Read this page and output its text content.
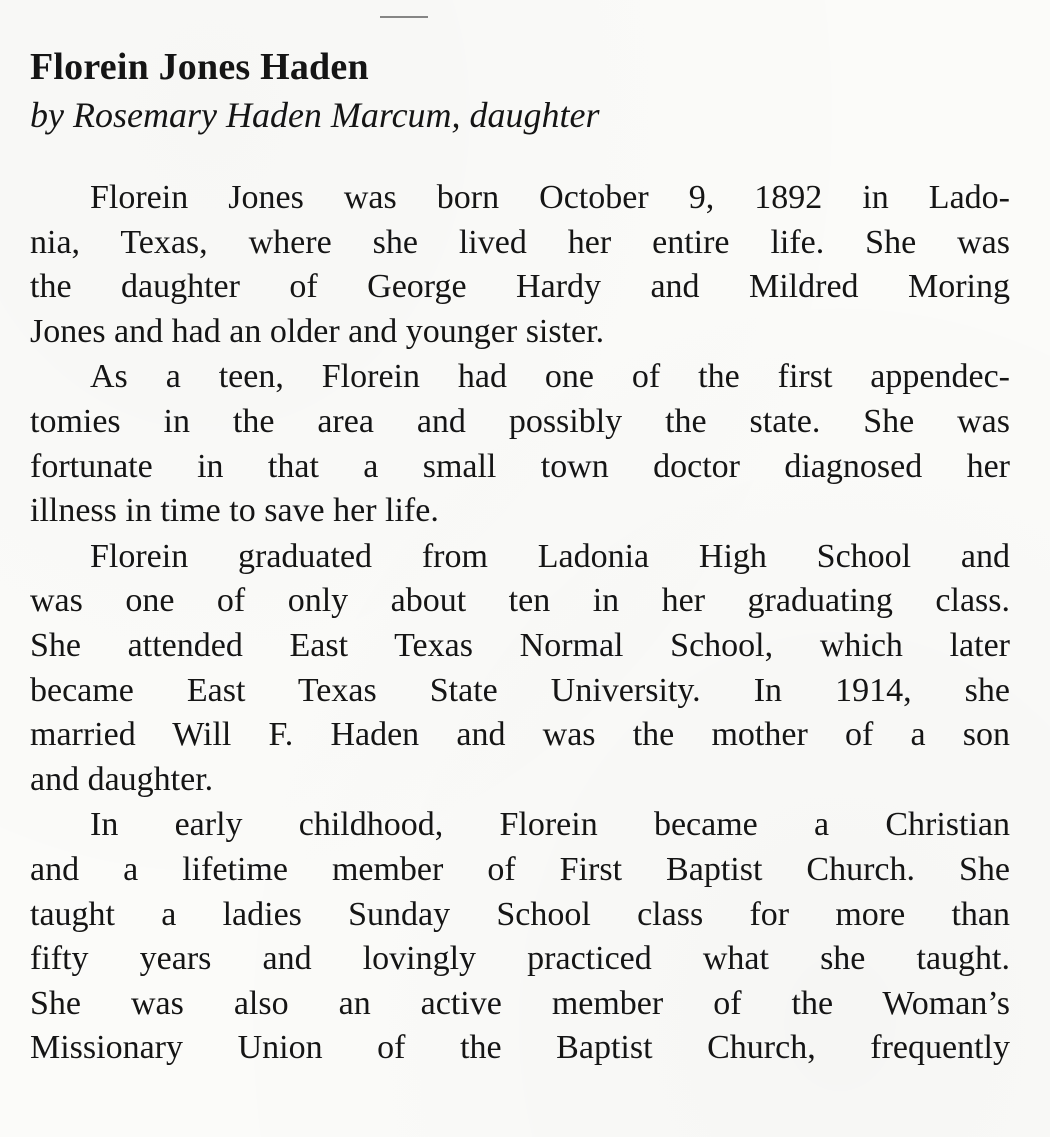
Florein Jones Haden
by Rosemary Haden Marcum, daughter
Florein Jones was born October 9, 1892 in Lado-
nia, Texas, where she lived her entire life. She was
the daughter of George Hardy and Mildred Moring
Jones and had an older and younger sister.
As a teen, Florein had one of the first appendec-
tomies in the area and possibly the state. She was
fortunate in that a small town doctor diagnosed her
illness in time to save her life.
Florein graduated from Ladonia High School and
was one of only about ten in her graduating class.
She attended East Texas Normal School, which later
became East Texas State University. In 1914, she
married Will F. Haden and was the mother of a son
and daughter.
In early childhood, Florein became a Christian
and a lifetime member of First Baptist Church. She
taught a ladies Sunday School class for more than
fifty years and lovingly practiced what she taught.
She was also an active member of the Woman’s
Missionary Union of the Baptist Church, frequently
